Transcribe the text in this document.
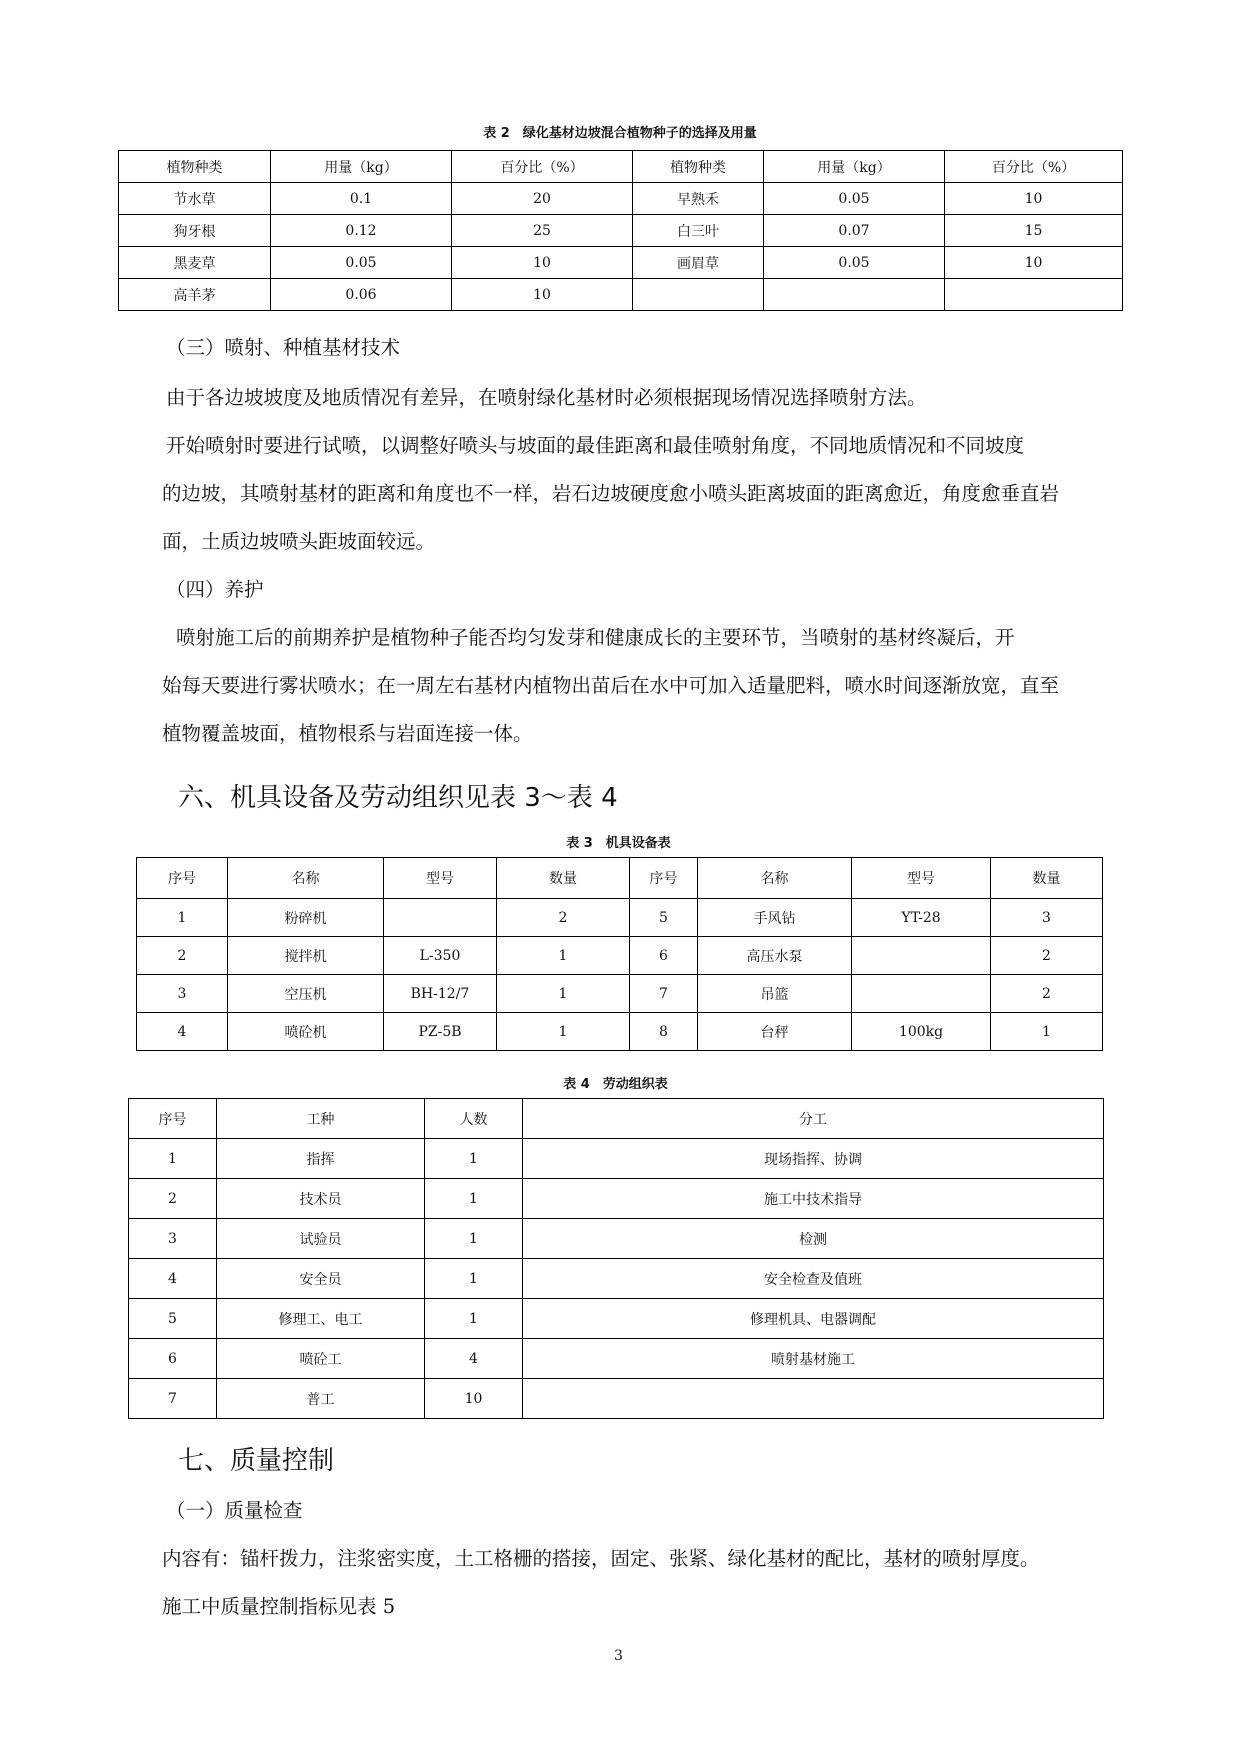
表 2　绿化基材边坡混合植物种子的选择及用量
植物种类	用量（kg）	百分比（%）	植物种类	用量（kg）	百分比（%）
节水草	0.1	20	早熟禾	0.05	10
狗牙根	0.12	25	白三叶	0.07	15
黑麦草	0.05	10	画眉草	0.05	10
高羊茅	0.06	10			
（三）喷射、种植基材技术
由于各边坡坡度及地质情况有差异，在喷射绿化基材时必须根据现场情况选择喷射方法。
开始喷射时要进行试喷，以调整好喷头与坡面的最佳距离和最佳喷射角度，不同地质情况和不同坡度
的边坡，其喷射基材的距离和角度也不一样，岩石边坡硬度愈小喷头距离坡面的距离愈近，角度愈垂直岩
面，土质边坡喷头距坡面较远。
（四）养护
喷射施工后的前期养护是植物种子能否均匀发芽和健康成长的主要环节，当喷射的基材终凝后，开
始每天要进行雾状喷水；在一周左右基材内植物出苗后在水中可加入适量肥料，喷水时间逐渐放宽，直至
植物覆盖坡面，植物根系与岩面连接一体。
六、机具设备及劳动组织见表 3～表 4
表 3　机具设备表
序号	名称	型号	数量	序号	名称	型号	数量
1	粉碎机		2	5	手风钻	YT-28	3
2	搅拌机	L-350	1	6	高压水泵		2
3	空压机	BH-12/7	1	7	吊篮		2
4	喷砼机	PZ-5B	1	8	台秤	100kg	1
表 4　劳动组织表
序号	工种	人数	分工
1	指挥	1	现场指挥、协调
2	技术员	1	施工中技术指导
3	试验员	1	检测
4	安全员	1	安全检查及值班
5	修理工、电工	1	修理机具、电器调配
6	喷砼工	4	喷射基材施工
7	普工	10	
七、质量控制
（一）质量检查
内容有：锚杆拨力，注浆密实度，土工格栅的搭接，固定、张紧、绿化基材的配比，基材的喷射厚度。
施工中质量控制指标见表 5
3
